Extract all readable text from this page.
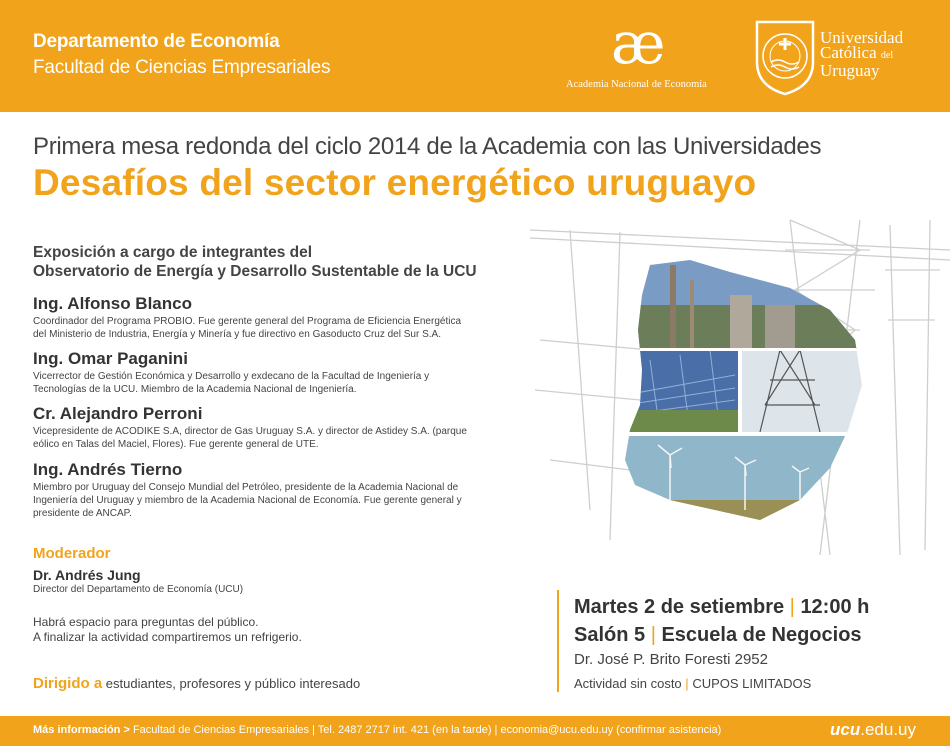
Departamento de Economía
Facultad de Ciencias Empresariales	æ
Academia Nacional de Economía
Universidad
Católica del
Uruguay
Primera mesa redonda del ciclo 2014 de la Academia con las Universidades
Desafíos del sector energético uruguayo
Exposición a cargo de integrantes del
Observatorio de Energía y Desarrollo Sustentable de la UCU
Ing. Alfonso Blanco
Coordinador del Programa PROBIO. Fue gerente general del Programa de Eficiencia Energética
del Ministerio de Industria, Energía y Minería y fue directivo en Gasoducto Cruz del Sur S.A.
Ing. Omar Paganini
Vicerrector de Gestión Económica y Desarrollo y exdecano de la Facultad de Ingeniería y
Tecnologías de la UCU. Miembro de la Academia Nacional de Ingeniería.
Cr. Alejandro Perroni
Vicepresidente de ACODIKE S.A, director de Gas Uruguay S.A. y director de Astidey S.A. (parque
eólico en Talas del Maciel, Flores). Fue gerente general de UTE.
Ing. Andrés Tierno
Miembro por Uruguay del Consejo Mundial del Petróleo, presidente de la Academia Nacional de
Ingeniería del Uruguay y miembro de la Academia Nacional de Economía. Fue gerente general y
presidente de ANCAP.
Moderador
Dr. Andrés Jung
Director del Departamento de Economía (UCU)
Habrá espacio para preguntas del público.
A finalizar la actividad compartiremos un refrigerio.
Dirigido a estudiantes, profesores y público interesado
Martes 2 de setiembre | 12:00 h
Salón 5 | Escuela de Negocios
Dr. José P. Brito Foresti 2952
Actividad sin costo | CUPOS LIMITADOS
Más información > Facultad de Ciencias Empresariales | Tel. 2487 2717 int. 421 (en la tarde) | economia@ucu.edu.uy (confirmar asistencia)	ucu.edu.uy
